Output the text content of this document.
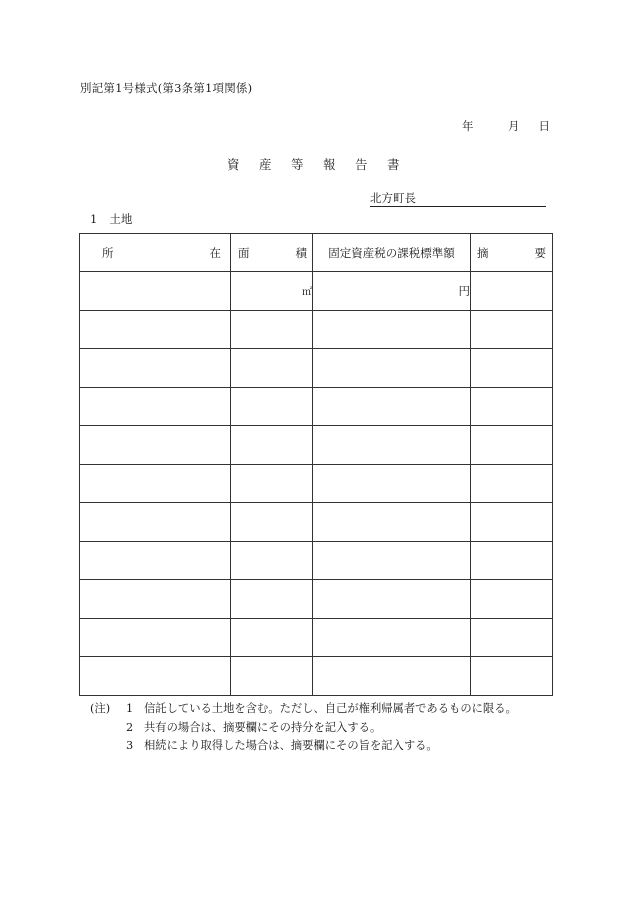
別記第1号様式(第3条第1項関係)
年	月	日
資	産	等	報	告	書
北方町長
1 土地
所 在	面 積	固定資産税の課税標準額	摘 要

	㎡	円	

(注)	1 信託している土地を含む。ただし、自己が権利帰属者であるものに限る。
2 共有の場合は、摘要欄にその持分を記入する。
3 相続により取得した場合は、摘要欄にその旨を記入する。
